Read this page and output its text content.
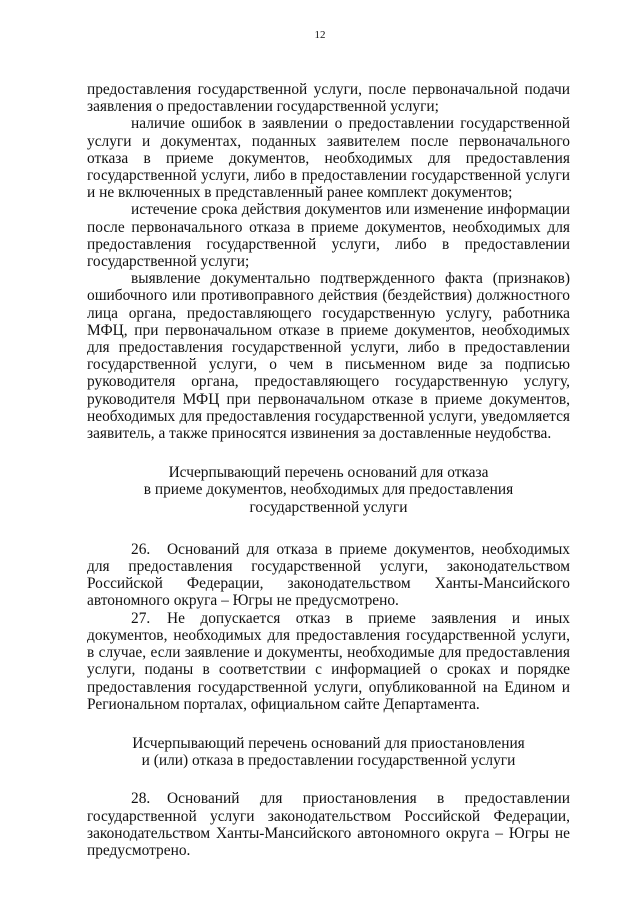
12

предоставления государственной услуги, после первоначальной подачи заявления о предоставлении государственной услуги;

наличие ошибок в заявлении о предоставлении государственной услуги и документах, поданных заявителем после первоначального отказа в приеме документов, необходимых для предоставления государственной услуги, либо в предоставлении государственной услуги и не включенных в представленный ранее комплект документов;

истечение срока действия документов или изменение информации после первоначального отказа в приеме документов, необходимых для предоставления государственной услуги, либо в предоставлении государственной услуги;

выявление документально подтвержденного факта (признаков) ошибочного или противоправного действия (бездействия) должностного лица органа, предоставляющего государственную услугу, работника МФЦ, при первоначальном отказе в приеме документов, необходимых для предоставления государственной услуги, либо в предоставлении государственной услуги, о чем в письменном виде за подписью руководителя органа, предоставляющего государственную услугу, руководителя МФЦ при первоначальном отказе в приеме документов, необходимых для предоставления государственной услуги, уведомляется заявитель, а также приносятся извинения за доставленные неудобства.

Исчерпывающий перечень оснований для отказа
в приеме документов, необходимых для предоставления
государственной услуги

26. Оснований для отказа в приеме документов, необходимых для предоставления государственной услуги, законодательством Российской Федерации, законодательством Ханты-Мансийского автономного округа – Югры не предусмотрено.

27. Не допускается отказ в приеме заявления и иных документов, необходимых для предоставления государственной услуги, в случае, если заявление и документы, необходимые для предоставления услуги, поданы в соответствии с информацией о сроках и порядке предоставления государственной услуги, опубликованной на Едином и Региональном порталах, официальном сайте Департамента.

Исчерпывающий перечень оснований для приостановления
и (или) отказа в предоставлении государственной услуги

28. Оснований для приостановления в предоставлении государственной услуги законодательством Российской Федерации, законодательством Ханты-Мансийского автономного округа – Югры не предусмотрено.
